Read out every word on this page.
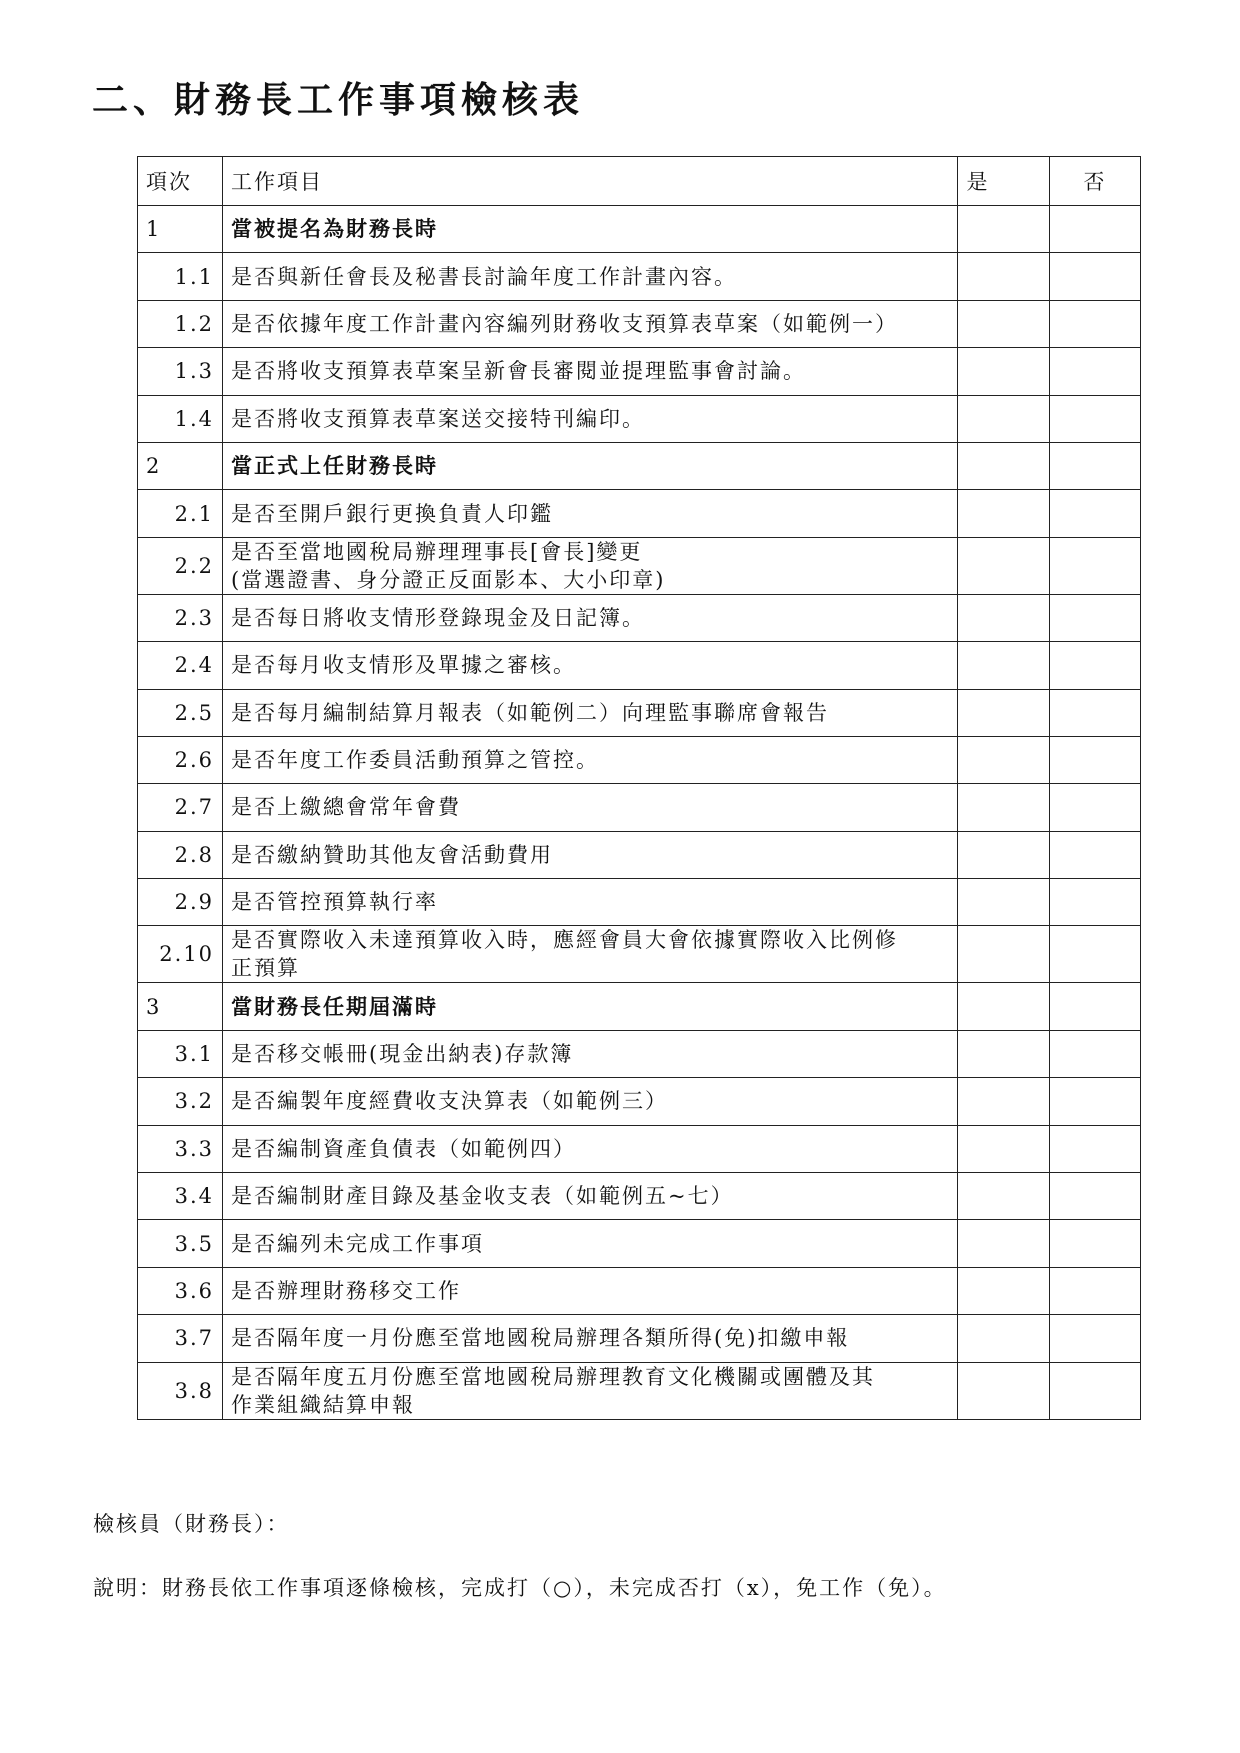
二、財務長工作事項檢核表
項次	工作項目	是	否
1	當被提名為財務長時		

1.1	是否與新任會長及秘書長討論年度工作計畫內容。		

1.2	是否依據年度工作計畫內容編列財務收支預算表草案（如範例一）		

1.3	是否將收支預算表草案呈新會長審閱並提理監事會討論。		

1.4	是否將收支預算表草案送交接特刊編印。		

2	當正式上任財務長時		

2.1	是否至開戶銀行更換負責人印鑑		

2.2	是否至當地國稅局辦理理事長[會長]變更
(當選證書、身分證正反面影本、大小印章)		

2.3	是否每日將收支情形登錄現金及日記簿。		

2.4	是否每月收支情形及單據之審核。		

2.5	是否每月編制結算月報表（如範例二）向理監事聯席會報告		

2.6	是否年度工作委員活動預算之管控。		

2.7	是否上繳總會常年會費		

2.8	是否繳納贊助其他友會活動費用		

2.9	是否管控預算執行率		

2.10	是否實際收入未達預算收入時，應經會員大會依據實際收入比例修
正預算		

3	當財務長任期屆滿時		

3.1	是否移交帳冊(現金出納表)存款簿		

3.2	是否編製年度經費收支決算表（如範例三）		

3.3	是否編制資產負債表（如範例四）		

3.4	是否編制財產目錄及基金收支表（如範例五~七）		

3.5	是否編列未完成工作事項		

3.6	是否辦理財務移交工作		

3.7	是否隔年度一月份應至當地國稅局辦理各類所得(免)扣繳申報		

3.8	是否隔年度五月份應至當地國稅局辦理教育文化機關或團體及其
作業組織結算申報		

檢核員（財務長）：

說明：財務長依工作事項逐條檢核，完成打（○），未完成否打（x），免工作（免）。
